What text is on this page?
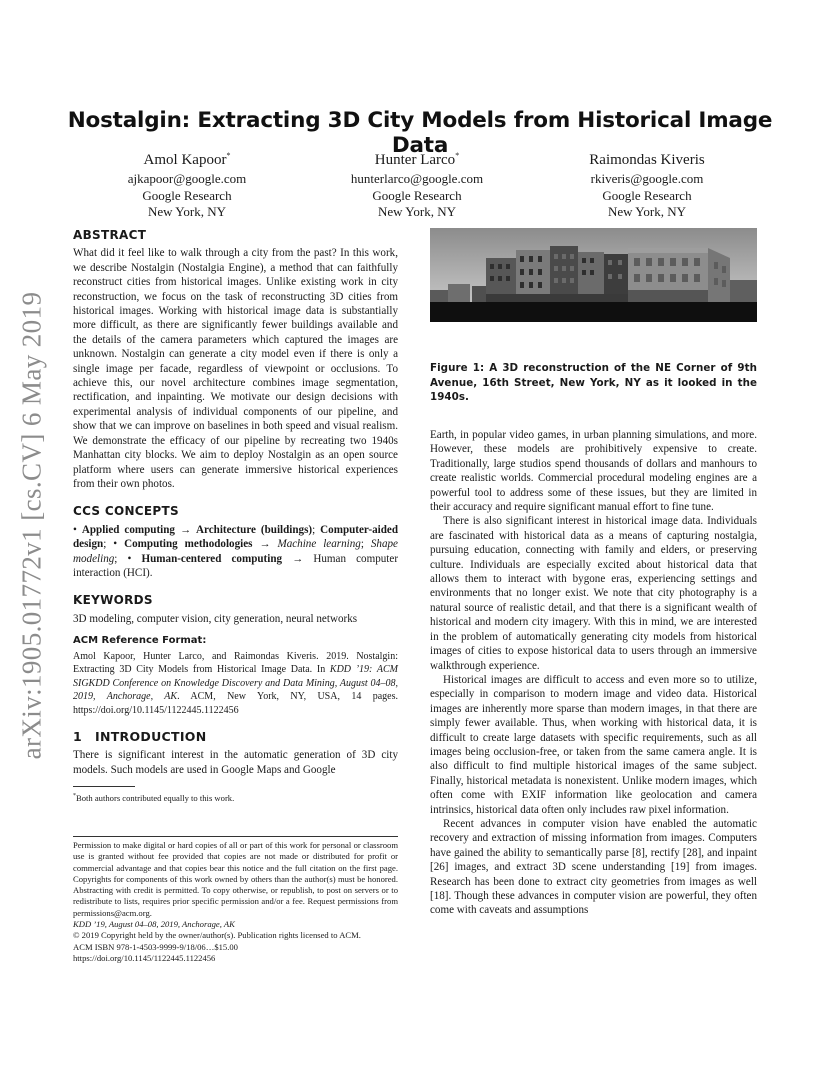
arXiv:1905.01772v1 [cs.CV] 6 May 2019
Nostalgin: Extracting 3D City Models from Historical Image Data
Amol Kapoor*
ajkapoor@google.com
Google Research
New York, NY
Hunter Larco*
hunterlarco@google.com
Google Research
New York, NY
Raimondas Kiveris
rkiveris@google.com
Google Research
New York, NY
ABSTRACT

What did it feel like to walk through a city from the past? In this work, we describe Nostalgin (Nostalgia Engine), a method that can faithfully reconstruct cities from historical images. Unlike existing work in city reconstruction, we focus on the task of reconstructing 3D cities from historical images. Working with historical image data is substantially more difficult, as there are significantly fewer buildings available and the details of the camera parameters which captured the images are unknown. Nostalgin can generate a city model even if there is only a single image per facade, regardless of viewpoint or occlusions. To achieve this, our novel architecture combines image segmentation, rectification, and inpainting. We motivate our design decisions with experimental analysis of individual components of our pipeline, and show that we can improve on baselines in both speed and visual realism. We demonstrate the efficacy of our pipeline by recreating two 1940s Manhattan city blocks. We aim to deploy Nostalgin as an open source platform where users can generate immersive historical experiences from their own photos.

CCS CONCEPTS

• Applied computing → Architecture (buildings); Computer-aided design; • Computing methodologies → Machine learning; Shape modeling; • Human-centered computing → Human computer interaction (HCI).

KEYWORDS

3D modeling, computer vision, city generation, neural networks

ACM Reference Format:

Amol Kapoor, Hunter Larco, and Raimondas Kiveris. 2019. Nostalgin: Extracting 3D City Models from Historical Image Data. In KDD ’19: ACM SIGKDD Conference on Knowledge Discovery and Data Mining, August 04–08, 2019, Anchorage, AK. ACM, New York, NY, USA, 14 pages. https://doi.org/10.1145/1122445.1122456

1 INTRODUCTION

There is significant interest in the automatic generation of 3D city models. Such models are used in Google Maps and Google

*Both authors contributed equally to this work.

Permission to make digital or hard copies of all or part of this work for personal or classroom use is granted without fee provided that copies are not made or distributed for profit or commercial advantage and that copies bear this notice and the full citation on the first page. Copyrights for components of this work owned by others than the author(s) must be honored. Abstracting with credit is permitted. To copy otherwise, or republish, to post on servers or to redistribute to lists, requires prior specific permission and/or a fee. Request permissions from permissions@acm.org.

KDD ’19, August 04–08, 2019, Anchorage, AK

© 2019 Copyright held by the owner/author(s). Publication rights licensed to ACM.

ACM ISBN 978-1-4503-9999-9/18/06…$15.00

https://doi.org/10.1145/1122445.1122456

Figure 1: A 3D reconstruction of the NE Corner of 9th Avenue, 16th Street, New York, NY as it looked in the 1940s.

Earth, in popular video games, in urban planning simulations, and more. However, these models are prohibitively expensive to create. Traditionally, large studios spend thousands of dollars and manhours to create realistic worlds. Commercial procedural modeling engines are a powerful tool to address some of these issues, but they are limited in their accuracy and require significant manual effort to fine tune.

There is also significant interest in historical image data. Individuals are fascinated with historical data as a means of capturing nostalgia, pursuing education, connecting with family and elders, or preserving culture. Individuals are especially excited about historical data that allows them to interact with bygone eras, experiencing settings and environments that no longer exist. We note that city photography is a natural source of realistic detail, and that there is a significant wealth of historical and modern city imagery. With this in mind, we are interested in the problem of automatically generating city models from historical images of cities to expose historical data to users through an immersive walkthrough experience.

Historical images are difficult to access and even more so to utilize, especially in comparison to modern image and video data. Historical images are inherently more sparse than modern images, in that there are simply fewer available. Thus, when working with historical data, it is difficult to create large datasets with specific requirements, such as all images being occlusion-free, or taken from the same camera angle. It is also difficult to find multiple historical images of the same subject. Finally, historical metadata is nonexistent. Unlike modern images, which often come with EXIF information like geolocation and camera intrinsics, historical data often only includes raw pixel information.

Recent advances in computer vision have enabled the automatic recovery and extraction of missing information from images. Computers have gained the ability to semantically parse [8], rectify [28], and inpaint [26] images, and extract 3D scene understanding [19] from images. Research has been done to extract city geometries from images as well [18]. Though these advances in computer vision are powerful, they often come with caveats and assumptions
